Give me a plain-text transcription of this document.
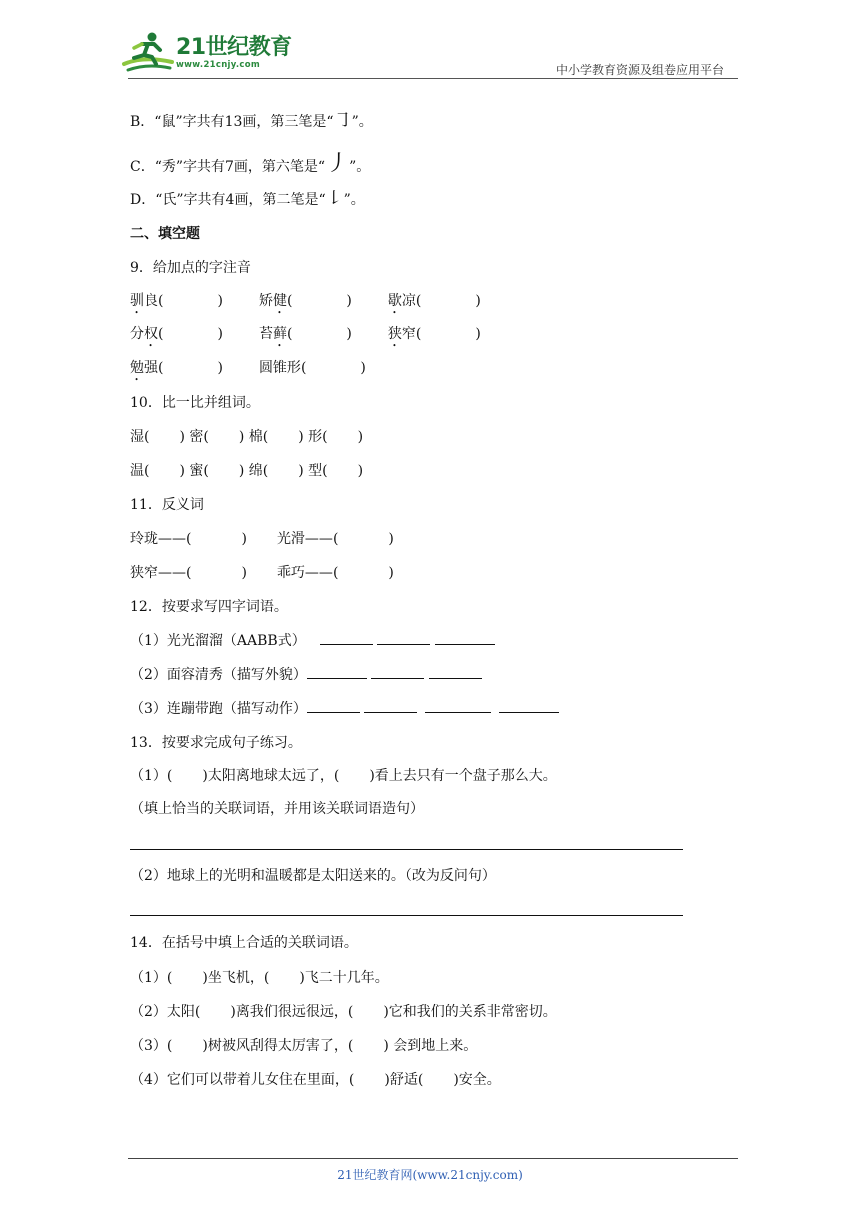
21世纪教育
www.21cnjy.com	中小学教育资源及组卷应用平台
B．“鼠”字共有13画，第三笔是“㇆”。
C．“秀”字共有7画，第六笔是“㇓”。
D．“氏”字共有4画，第二笔是“㇙”。
二、填空题
9．给加点的字注音
驯良(	)	矫健(	)	歇凉(	)
分权(	)	苔藓(	)	狭窄(	)
勉强(	)	圆锥形(	)
10．比一比并组词。
湿( ) 密( ) 棉( ) 形( )
温( ) 蜜( ) 绵( ) 型( )
11．反义词
玲珑——(	) 光滑——(	)
狭窄——(	) 乖巧——(	)
12．按要求写四字词语。
（1）光光溜溜（AABB式）
（2）面容清秀（描写外貌）
（3）连蹦带跑（描写动作）
13．按要求完成句子练习。
（1）( )太阳离地球太远了，( )看上去只有一个盘子那么大。
（填上恰当的关联词语，并用该关联词语造句）
（2）地球上的光明和温暖都是太阳送来的。（改为反问句）
14．在括号中填上合适的关联词语。
（1）( )坐飞机，( )飞二十几年。
（2）太阳( )离我们很远很远，( )它和我们的关系非常密切。
（3）( )树被风刮得太厉害了，( ) 会到地上来。
（4）它们可以带着儿女住在里面，( )舒适( )安全。
21世纪教育网(www.21cnjy.com)
